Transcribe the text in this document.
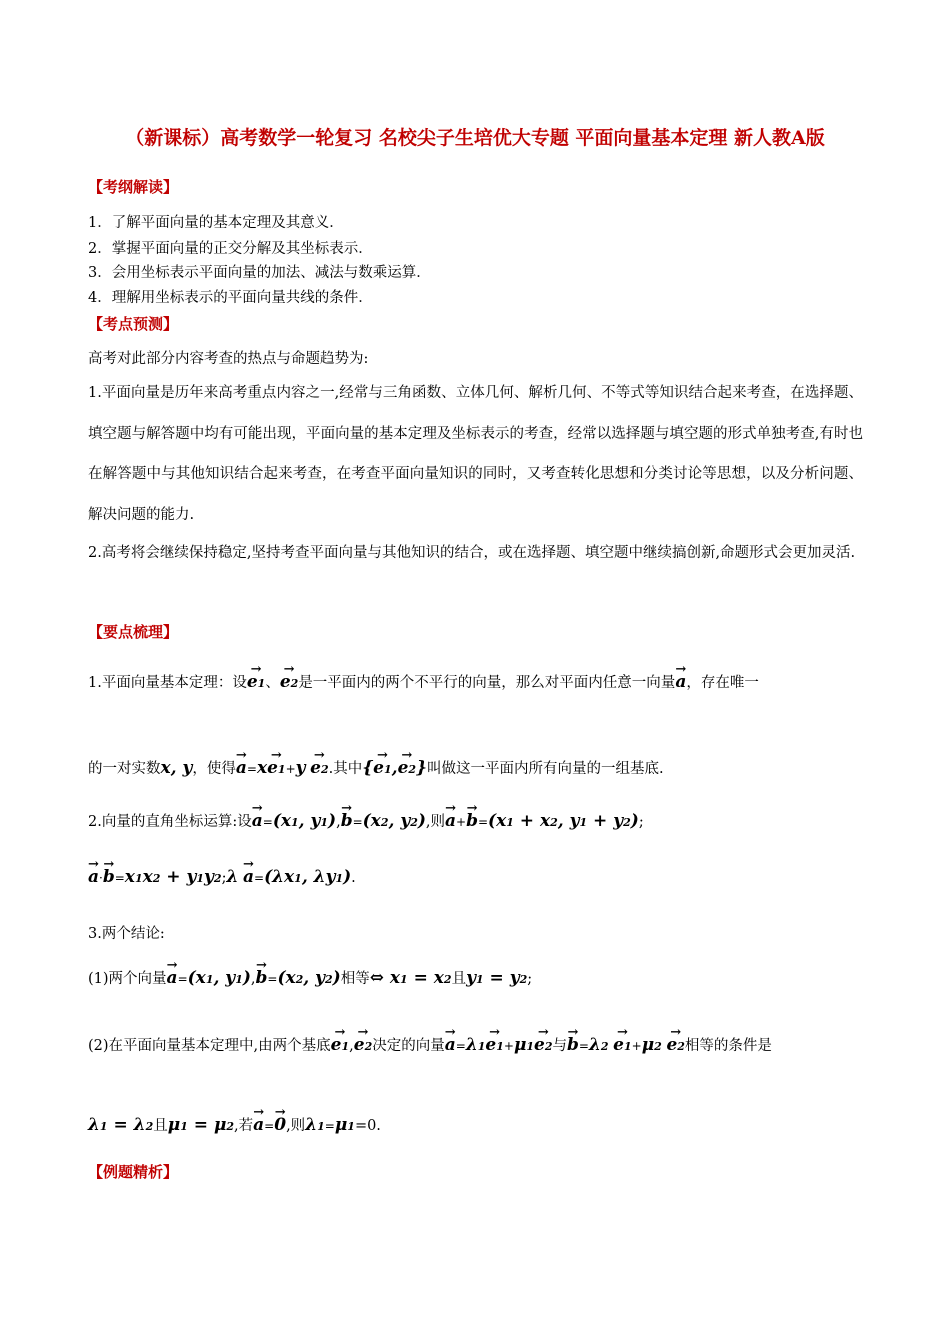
（新课标）高考数学一轮复习 名校尖子生培优大专题 平面向量基本定理 新人教A版
【考纲解读】
1．了解平面向量的基本定理及其意义．
2．掌握平面向量的正交分解及其坐标表示．
3．会用坐标表示平面向量的加法、减法与数乘运算．
4．理解用坐标表示的平面向量共线的条件．
【考点预测】
高考对此部分内容考查的热点与命题趋势为:
1.平面向量是历年来高考重点内容之一,经常与三角函数、立体几何、解析几何、不等式等知识结合起来考查，在选择题、填空题与解答题中均有可能出现，平面向量的基本定理及坐标表示的考查，经常以选择题与填空题的形式单独考查,有时也在解答题中与其他知识结合起来考查，在考查平面向量知识的同时，又考查转化思想和分类讨论等思想，以及分析问题、解决问题的能力.
2.高考将会继续保持稳定,坚持考查平面向量与其他知识的结合，或在选择题、填空题中继续搞创新,命题形式会更加灵活.
【要点梳理】
1.平面向量基本定理：设→ e1、→ e2是一平面内的两个不平行的向量，那么对平面内任意一向量→ a，存在唯一
的一对实数x, y，使得→ a=x→ e1+y → e2.其中{→ e1,→ e2}叫做这一平面内所有向量的一组基底.
2.向量的直角坐标运算:设→ a=(x1, y1),→ b=(x2, y2),则→ a+→ b=(x1 + x2, y1 + y2);
→ a·→ b=x1x2 + y1y2;λ → a=(λx1, λy1).
3.两个结论:
(1)两个向量→ a=(x1, y1),→ b=(x2, y2)相等⇔ x1 = x2且y1 = y2;
(2)在平面向量基本定理中,由两个基底→ e1,→ e2决定的向量→ a=λ1→ e1+μ1→ e2与→ b=λ2 → e1+μ2 → e2相等的条件是
λ1 = λ2且μ1 = μ2,若→ a=→ 0,则λ1=μ1=0.
【例题精析】
